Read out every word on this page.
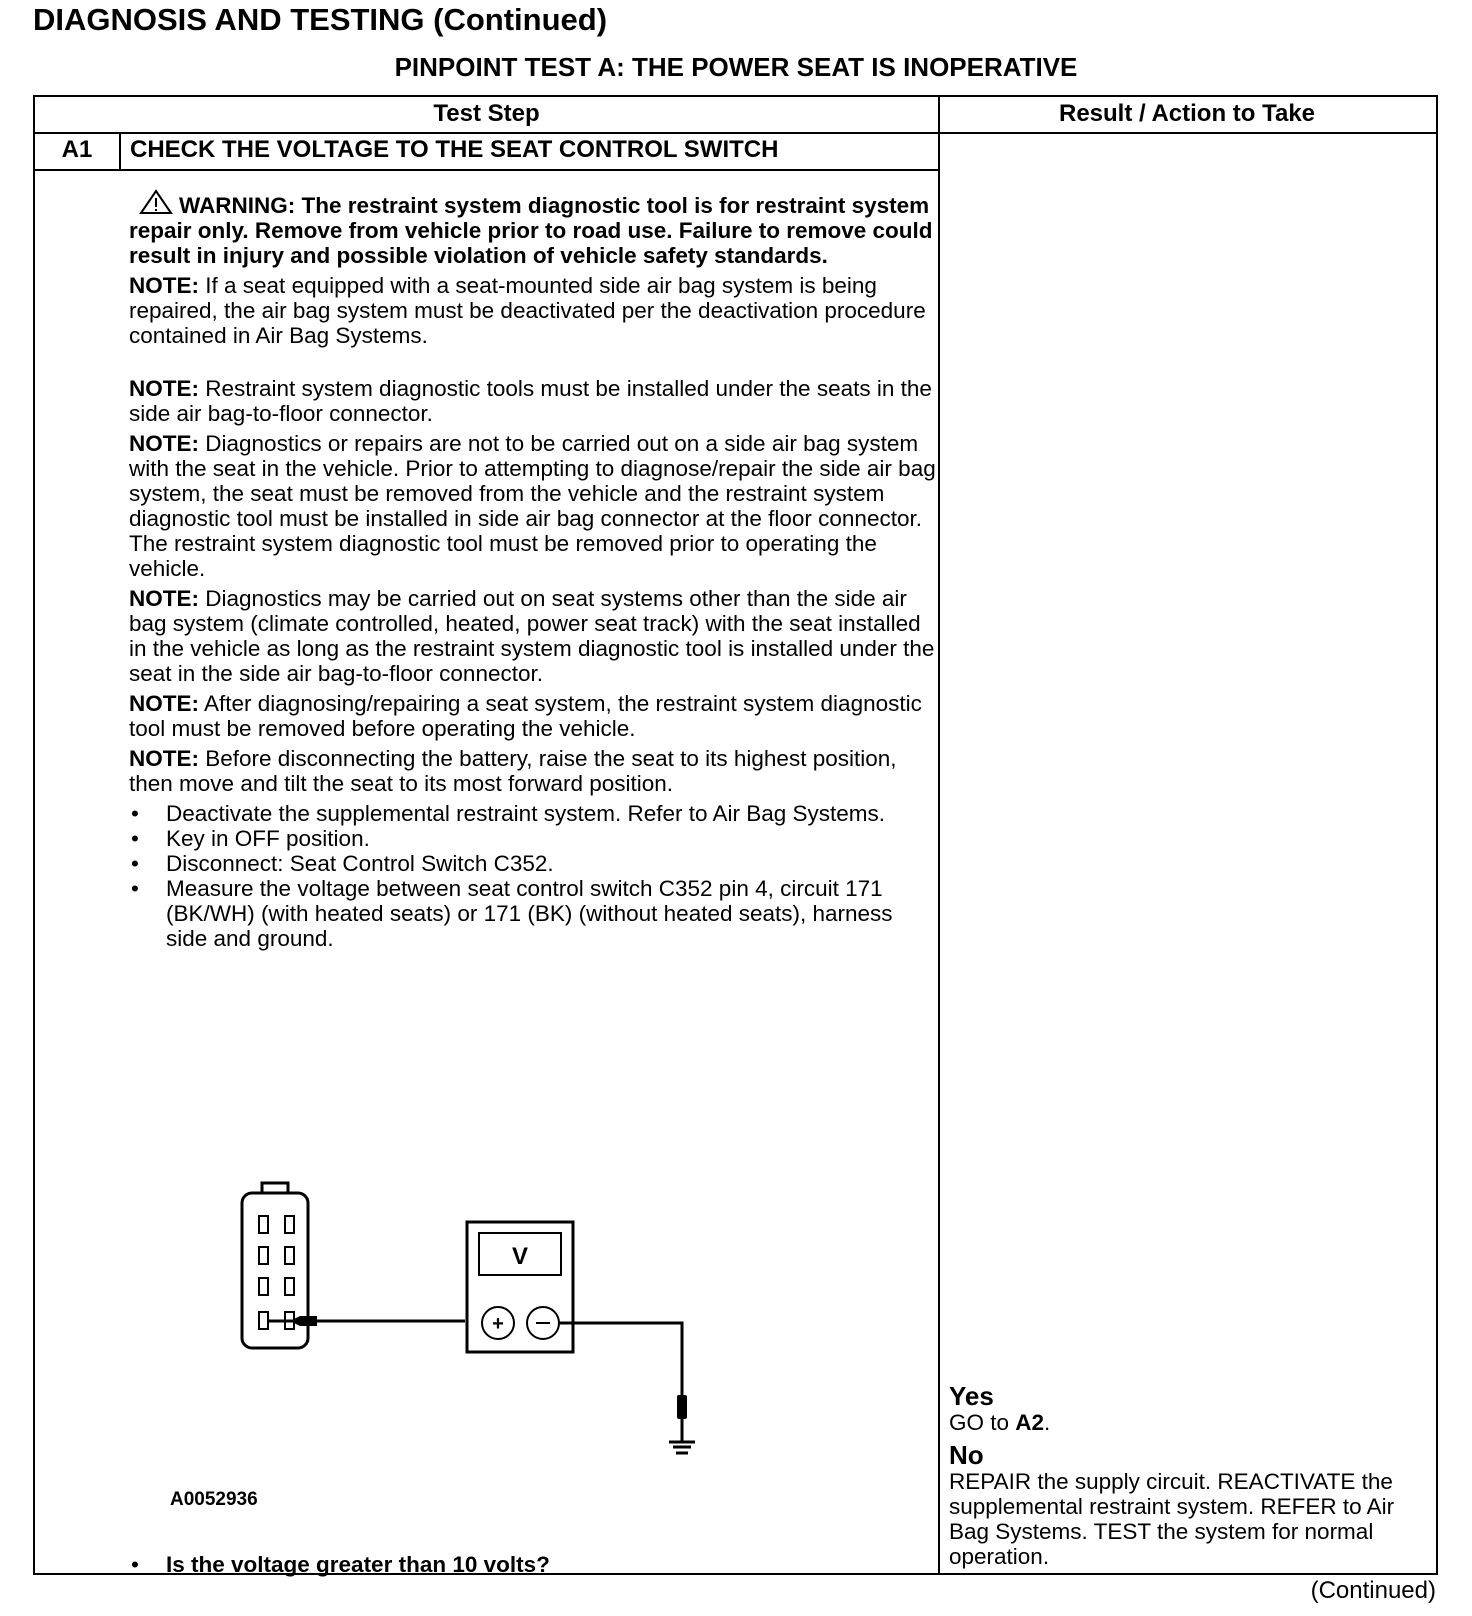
DIAGNOSIS AND TESTING (Continued)
PINPOINT TEST A: THE POWER SEAT IS INOPERATIVE
Test Step	Result / Action to Take
A1	CHECK THE VOLTAGE TO THE SEAT CONTROL SWITCH

WARNING: The restraint system diagnostic tool is for restraint system repair only. Remove from vehicle prior to road use. Failure to remove could result in injury and possible violation of vehicle safety standards.

NOTE: If a seat equipped with a seat-mounted side air bag system is being repaired, the air bag system must be deactivated per the deactivation procedure contained in Air Bag Systems.

NOTE: Restraint system diagnostic tools must be installed under the seats in the side air bag-to-floor connector.

NOTE: Diagnostics or repairs are not to be carried out on a side air bag system with the seat in the vehicle. Prior to attempting to diagnose/repair the side air bag system, the seat must be removed from the vehicle and the restraint system diagnostic tool must be installed in side air bag connector at the floor connector. The restraint system diagnostic tool must be removed prior to operating the vehicle.

NOTE: Diagnostics may be carried out on seat systems other than the side air bag system (climate controlled, heated, power seat track) with the seat installed in the vehicle as long as the restraint system diagnostic tool is installed under the seat in the side air bag-to-floor connector.

NOTE: After diagnosing/repairing a seat system, the restraint system diagnostic tool must be removed before operating the vehicle.

NOTE: Before disconnecting the battery, raise the seat to its highest position, then move and tilt the seat to its most forward position.

• Deactivate the supplemental restraint system. Refer to Air Bag Systems.
• Key in OFF position.
• Disconnect: Seat Control Switch C352.
• Measure the voltage between seat control switch C352 pin 4, circuit 171 (BK/WH) (with heated seats) or 171 (BK) (without heated seats), harness side and ground.
V
+
A0052936
• Is the voltage greater than 10 volts?
Yes
GO to A2.
No
REPAIR the supply circuit. REACTIVATE the supplemental restraint system. REFER to Air Bag Systems. TEST the system for normal operation.
(Continued)
